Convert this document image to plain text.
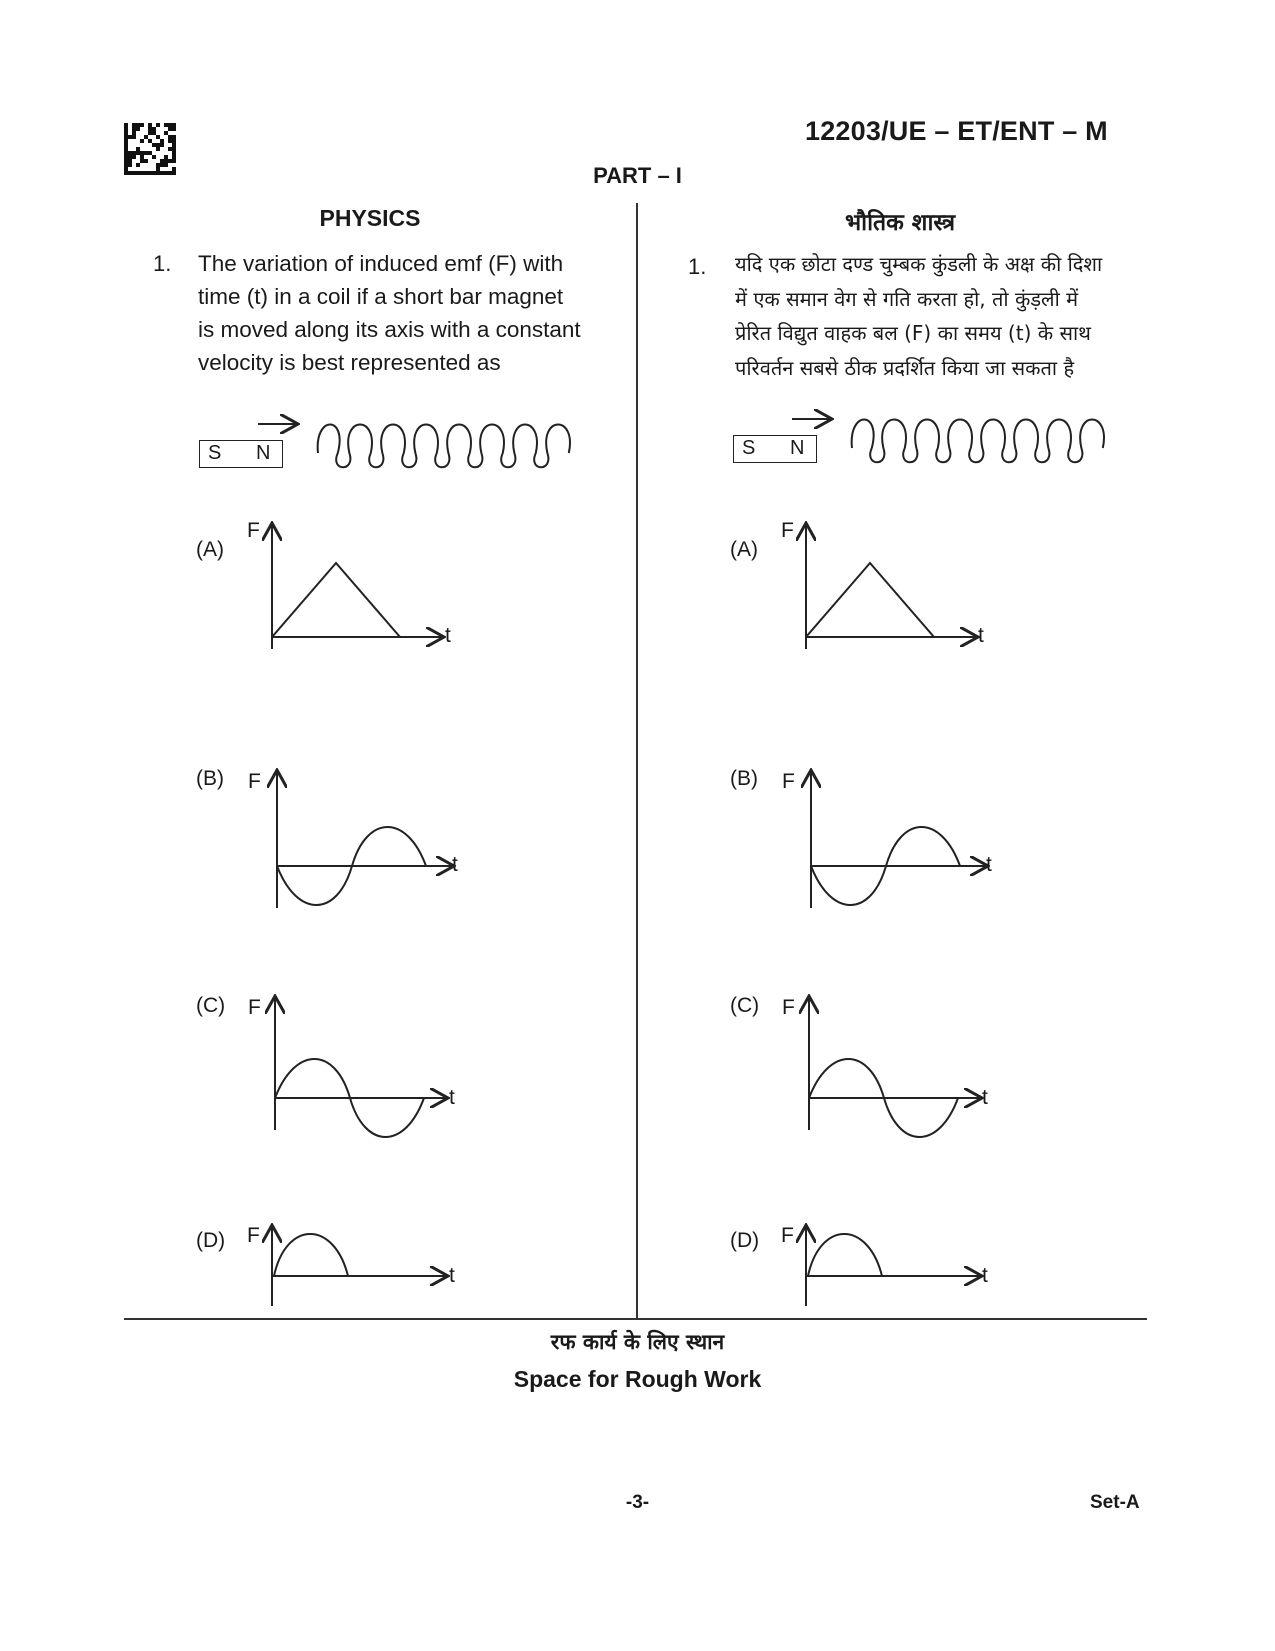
12203/UE – ET/ENT – M
PART – I
PHYSICS
1. The variation of induced emf (F) with
time (t) in a coil if a short bar magnet
is moved along its axis with a constant
velocity is best represented as
भौतिक शास्त्र
1. यदि एक छोटा दण्ड चुम्बक कुंडली के अक्ष की दिशा
में एक समान वेग से गति करता हो, तो कुंड़ली में
प्रेरित विद्युत वाहक बल (F) का समय (t) के साथ
परिवर्तन सबसे ठीक प्रदर्शित किया जा सकता है
S N	S N
(A)
(B)
(C)
(D)
(A)
(B)
(C)
(D)
F
t
F
t
F
t
F
t
F
t
F
t
F
t
F
t
रफ कार्य के लिए स्थान
Space for Rough Work
-3-	Set-A
